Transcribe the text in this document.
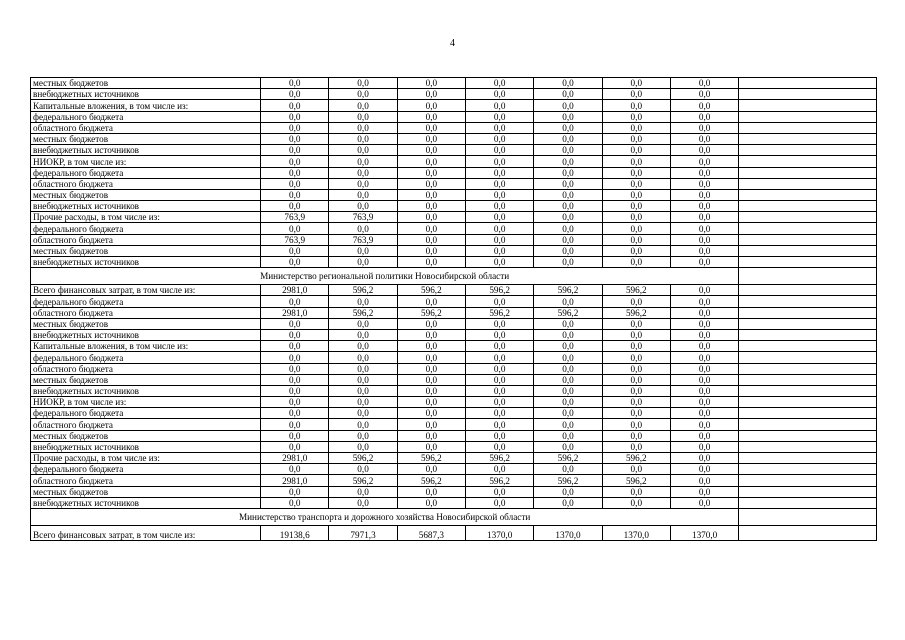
4
местных бюджетов	0,0	0,0	0,0	0,0	0,0	0,0	0,0	
внебюджетных источников	0,0	0,0	0,0	0,0	0,0	0,0	0,0	
Капитальные вложения, в том числе из:	0,0	0,0	0,0	0,0	0,0	0,0	0,0	
федерального бюджета	0,0	0,0	0,0	0,0	0,0	0,0	0,0	
областного бюджета	0,0	0,0	0,0	0,0	0,0	0,0	0,0	
местных бюджетов	0,0	0,0	0,0	0,0	0,0	0,0	0,0	
внебюджетных источников	0,0	0,0	0,0	0,0	0,0	0,0	0,0	
НИОКР, в том числе из:	0,0	0,0	0,0	0,0	0,0	0,0	0,0	
федерального бюджета	0,0	0,0	0,0	0,0	0,0	0,0	0,0	
областного бюджета	0,0	0,0	0,0	0,0	0,0	0,0	0,0	
местных бюджетов	0,0	0,0	0,0	0,0	0,0	0,0	0,0	
внебюджетных источников	0,0	0,0	0,0	0,0	0,0	0,0	0,0	
Прочие расходы, в том числе из:	763,9	763,9	0,0	0,0	0,0	0,0	0,0	
федерального бюджета	0,0	0,0	0,0	0,0	0,0	0,0	0,0	
областного бюджета	763,9	763,9	0,0	0,0	0,0	0,0	0,0	
местных бюджетов	0,0	0,0	0,0	0,0	0,0	0,0	0,0	
внебюджетных источников	0,0	0,0	0,0	0,0	0,0	0,0	0,0	
Министерство региональной политики Новосибирской области								
Всего финансовых затрат, в том числе из:	2981,0	596,2	596,2	596,2	596,2	596,2	0,0	
федерального бюджета	0,0	0,0	0,0	0,0	0,0	0,0	0,0	
областного бюджета	2981,0	596,2	596,2	596,2	596,2	596,2	0,0	
местных бюджетов	0,0	0,0	0,0	0,0	0,0	0,0	0,0	
внебюджетных источников	0,0	0,0	0,0	0,0	0,0	0,0	0,0	
Капитальные вложения, в том числе из:	0,0	0,0	0,0	0,0	0,0	0,0	0,0	
федерального бюджета	0,0	0,0	0,0	0,0	0,0	0,0	0,0	
областного бюджета	0,0	0,0	0,0	0,0	0,0	0,0	0,0	
местных бюджетов	0,0	0,0	0,0	0,0	0,0	0,0	0,0	
внебюджетных источников	0,0	0,0	0,0	0,0	0,0	0,0	0,0	
НИОКР, в том числе из:	0,0	0,0	0,0	0,0	0,0	0,0	0,0	
федерального бюджета	0,0	0,0	0,0	0,0	0,0	0,0	0,0	
областного бюджета	0,0	0,0	0,0	0,0	0,0	0,0	0,0	
местных бюджетов	0,0	0,0	0,0	0,0	0,0	0,0	0,0	
внебюджетных источников	0,0	0,0	0,0	0,0	0,0	0,0	0,0	
Прочие расходы, в том числе из:	2981,0	596,2	596,2	596,2	596,2	596,2	0,0	
федерального бюджета	0,0	0,0	0,0	0,0	0,0	0,0	0,0	
областного бюджета	2981,0	596,2	596,2	596,2	596,2	596,2	0,0	
местных бюджетов	0,0	0,0	0,0	0,0	0,0	0,0	0,0	
внебюджетных источников	0,0	0,0	0,0	0,0	0,0	0,0	0,0	
Министерство транспорта и дорожного хозяйства Новосибирской области								
Всего финансовых затрат, в том числе из:	19138,6	7971,3	5687,3	1370,0	1370,0	1370,0	1370,0	
